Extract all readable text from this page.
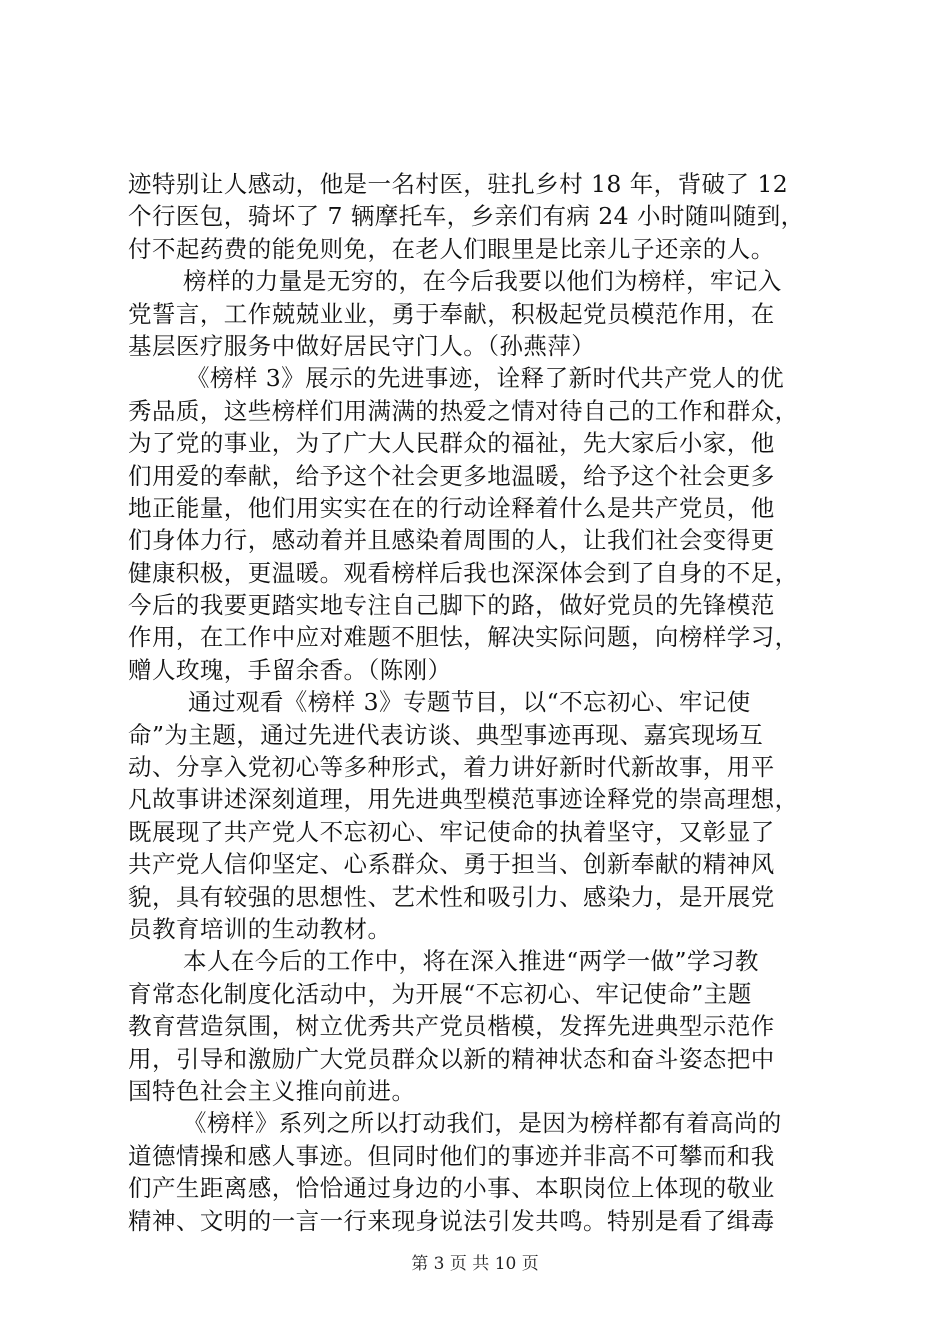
迹特别让人感动，他是一名村医，驻扎乡村 18 年，背破了 12
个行医包，骑坏了 7 辆摩托车，乡亲们有病 24 小时随叫随到，
付不起药费的能免则免，在老人们眼里是比亲儿子还亲的人。
榜样的力量是无穷的，在今后我要以他们为榜样，牢记入
党誓言，工作兢兢业业，勇于奉献，积极起党员模范作用，在
基层医疗服务中做好居民守门人。（孙燕萍）
《榜样 3》展示的先进事迹，诠释了新时代共产党人的优
秀品质，这些榜样们用满满的热爱之情对待自己的工作和群众，
为了党的事业，为了广大人民群众的福祉，先大家后小家，他
们用爱的奉献，给予这个社会更多地温暖，给予这个社会更多
地正能量，他们用实实在在的行动诠释着什么是共产党员，他
们身体力行，感动着并且感染着周围的人，让我们社会变得更
健康积极，更温暖。观看榜样后我也深深体会到了自身的不足，
今后的我要更踏实地专注自己脚下的路，做好党员的先锋模范
作用，在工作中应对难题不胆怯，解决实际问题，向榜样学习，
赠人玫瑰，手留余香。（陈刚）
通过观看《榜样 3》专题节目，以“不忘初心、牢记使
命”为主题，通过先进代表访谈、典型事迹再现、嘉宾现场互
动、分享入党初心等多种形式，着力讲好新时代新故事，用平
凡故事讲述深刻道理，用先进典型模范事迹诠释党的崇高理想，
既展现了共产党人不忘初心、牢记使命的执着坚守，又彰显了
共产党人信仰坚定、心系群众、勇于担当、创新奉献的精神风
貌，具有较强的思想性、艺术性和吸引力、感染力，是开展党
员教育培训的生动教材。
本人在今后的工作中，将在深入推进“两学一做”学习教
育常态化制度化活动中，为开展“不忘初心、牢记使命”主题
教育营造氛围，树立优秀共产党员楷模，发挥先进典型示范作
用，引导和激励广大党员群众以新的精神状态和奋斗姿态把中
国特色社会主义推向前进。
《榜样》系列之所以打动我们，是因为榜样都有着高尚的
道德情操和感人事迹。但同时他们的事迹并非高不可攀而和我
们产生距离感，恰恰通过身边的小事、本职岗位上体现的敬业
精神、文明的一言一行来现身说法引发共鸣。特别是看了缉毒
第 3 页 共 10 页
